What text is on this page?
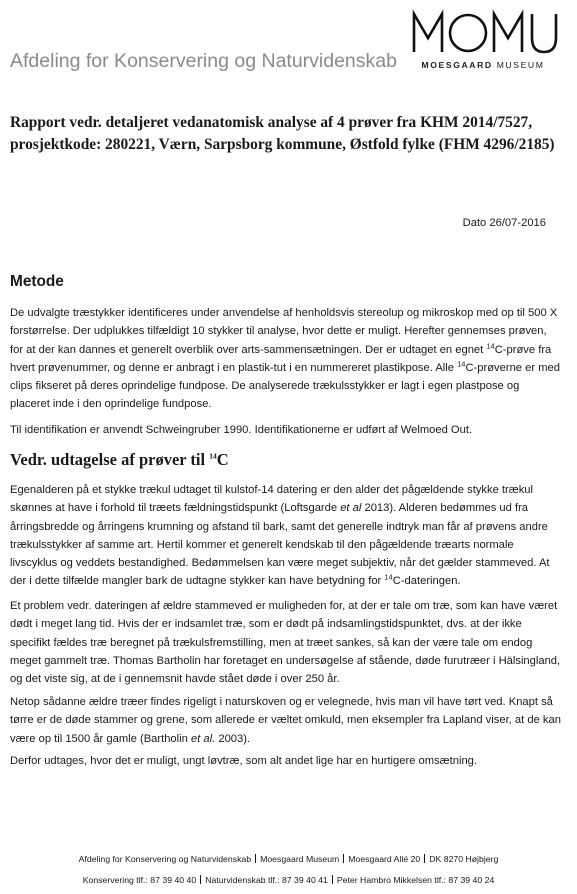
MOESGAARD MUSEUM
Afdeling for Konservering og Naturvidenskab
Rapport vedr. detaljeret vedanatomisk analyse af 4 prøver fra KHM 2014/7527, prosjektkode: 280221, Værn, Sarpsborg kommune, Østfold fylke (FHM 4296/2185)
Dato 26/07-2016
Metode

De udvalgte træstykker identificeres under anvendelse af henholdsvis stereolup og mikroskop med op til 500 X forstørrelse. Der udplukkes tilfældigt 10 stykker til analyse, hvor dette er muligt. Herefter gennemses prøven, for at der kan dannes et generelt overblik over arts-sammensætningen. Der er udtaget en egnet $^{14}$C-prøve fra hvert prøvenummer, og denne er anbragt i en plastik-tut i en nummereret plastikpose. Alle $^{14}$C-prøverne er med clips fikseret på deres oprindelige fundpose. De analyserede trækulsstykker er lagt i egen plastpose og placeret inde i den oprindelige fundpose.

Til identifikation er anvendt Schweingruber 1990. Identifikationerne er udført af Welmoed Out.

Vedr. udtagelse af prøver til $^{14}$C

Egenalderen på et stykke trækul udtaget til kulstof-14 datering er den alder det pågældende stykke trækul skønnes at have i forhold til træets fældningstidspunkt (Loftsgarde et al 2013). Alderen bedømmes ud fra årringsbredde og årringens krumning og afstand til bark, samt det generelle indtryk man får af prøvens andre trækulsstykker af samme art. Hertil kommer et generelt kendskab til den pågældende træarts normale livscyklus og veddets bestandighed. Bedømmelsen kan være meget subjektiv, når det gælder stammeved. At der i dette tilfælde mangler bark de udtagne stykker kan have betydning for $^{14}$C-dateringen.

Et problem vedr. dateringen af ældre stammeved er muligheden for, at der er tale om træ, som kan have været dødt i meget lang tid. Hvis der er indsamlet træ, som er dødt på indsamlingstidspunktet, dvs. at der ikke specifikt fældes træ beregnet på trækulsfremstilling, men at træet sankes, så kan der være tale om endog meget gammelt træ. Thomas Bartholin har foretaget en undersøgelse af stående, døde furutræer i Hälsingland, og det viste sig, at de i gennemsnit havde stået døde i over 250 år.

Netop sådanne ældre træer findes rigeligt i naturskoven og er velegnede, hvis man vil have tørt ved. Knapt så tørre er de døde stammer og grene, som allerede er væltet omkuld, men eksempler fra Lapland viser, at de kan være op til 1500 år gamle (Bartholin et al. 2003).

Derfor udtages, hvor det er muligt, ungt løvtræ, som alt andet lige har en hurtigere omsætning.

Afdeling for Konservering og Naturvidenskab Moesgaard Museum Moesgaard Allé 20 DK 8270 Højbjerg
Konservering tlf.: 87 39 40 40 Naturvidenskab tlf.: 87 39 40 41 Peter Hambro Mikkelsen tlf.: 87 39 40 24
